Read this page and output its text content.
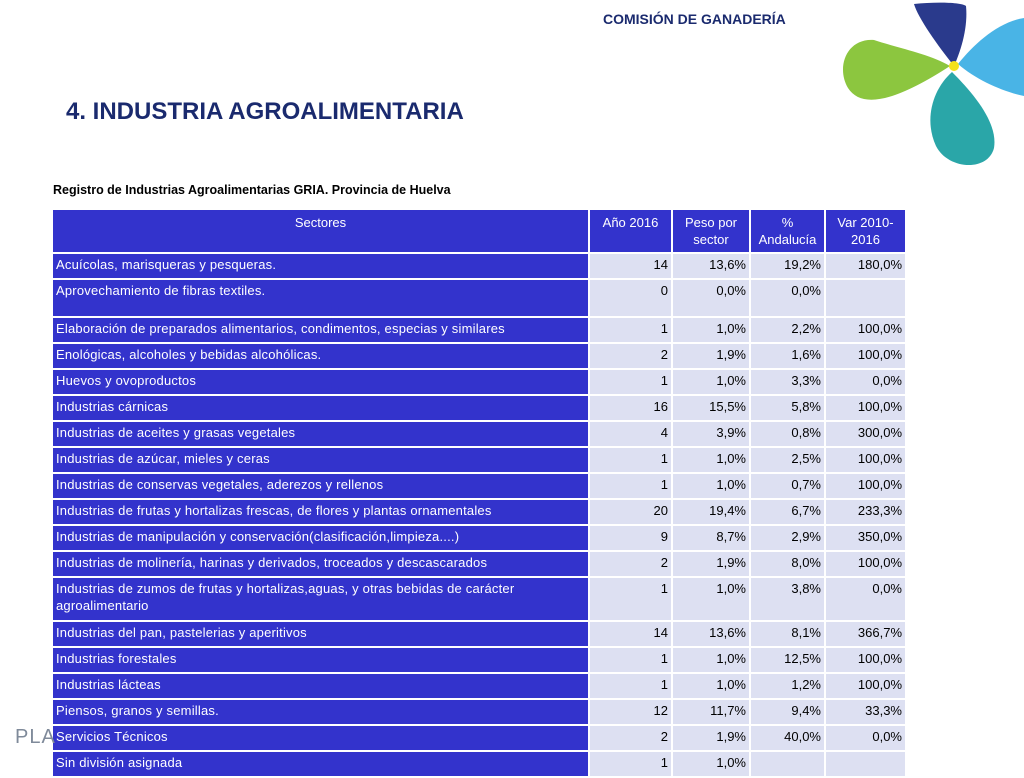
COMISIÓN DE GANADERÍA
4. INDUSTRIA AGROALIMENTARIA
Registro de Industrias Agroalimentarias GRIA. Provincia de Huelva
Sectores	Año 2016	Peso por sector	% Andalucía	Var 2010-2016
Acuícolas, marisqueras y pesqueras.	14	13,6%	19,2%	180,0%
Aprovechamiento de fibras textiles.	0	0,0%	0,0%	
Elaboración de preparados alimentarios, condimentos, especias y similares	1	1,0%	2,2%	100,0%
Enológicas, alcoholes y bebidas alcohólicas.	2	1,9%	1,6%	100,0%
Huevos y ovoproductos	1	1,0%	3,3%	0,0%
Industrias cárnicas	16	15,5%	5,8%	100,0%
Industrias de aceites y grasas vegetales	4	3,9%	0,8%	300,0%
Industrias de azúcar, mieles y ceras	1	1,0%	2,5%	100,0%
Industrias de conservas vegetales, aderezos y rellenos	1	1,0%	0,7%	100,0%
Industrias de frutas y hortalizas frescas, de flores y plantas ornamentales	20	19,4%	6,7%	233,3%
Industrias de manipulación y conservación(clasificación,limpieza....)	9	8,7%	2,9%	350,0%
Industrias de molinería, harinas y derivados, troceados y descascarados	2	1,9%	8,0%	100,0%
Industrias de zumos de frutas y hortalizas,aguas, y otras bebidas de carácter agroalimentario	1	1,0%	3,8%	0,0%
Industrias del pan, pastelerias y aperitivos	14	13,6%	8,1%	366,7%
Industrias forestales	1	1,0%	12,5%	100,0%
Industrias lácteas	1	1,0%	1,2%	100,0%
Piensos, granos y semillas.	12	11,7%	9,4%	33,3%
Servicios Técnicos	2	1,9%	40,0%	0,0%
Sin división asignada	1	1,0%		
PLA
